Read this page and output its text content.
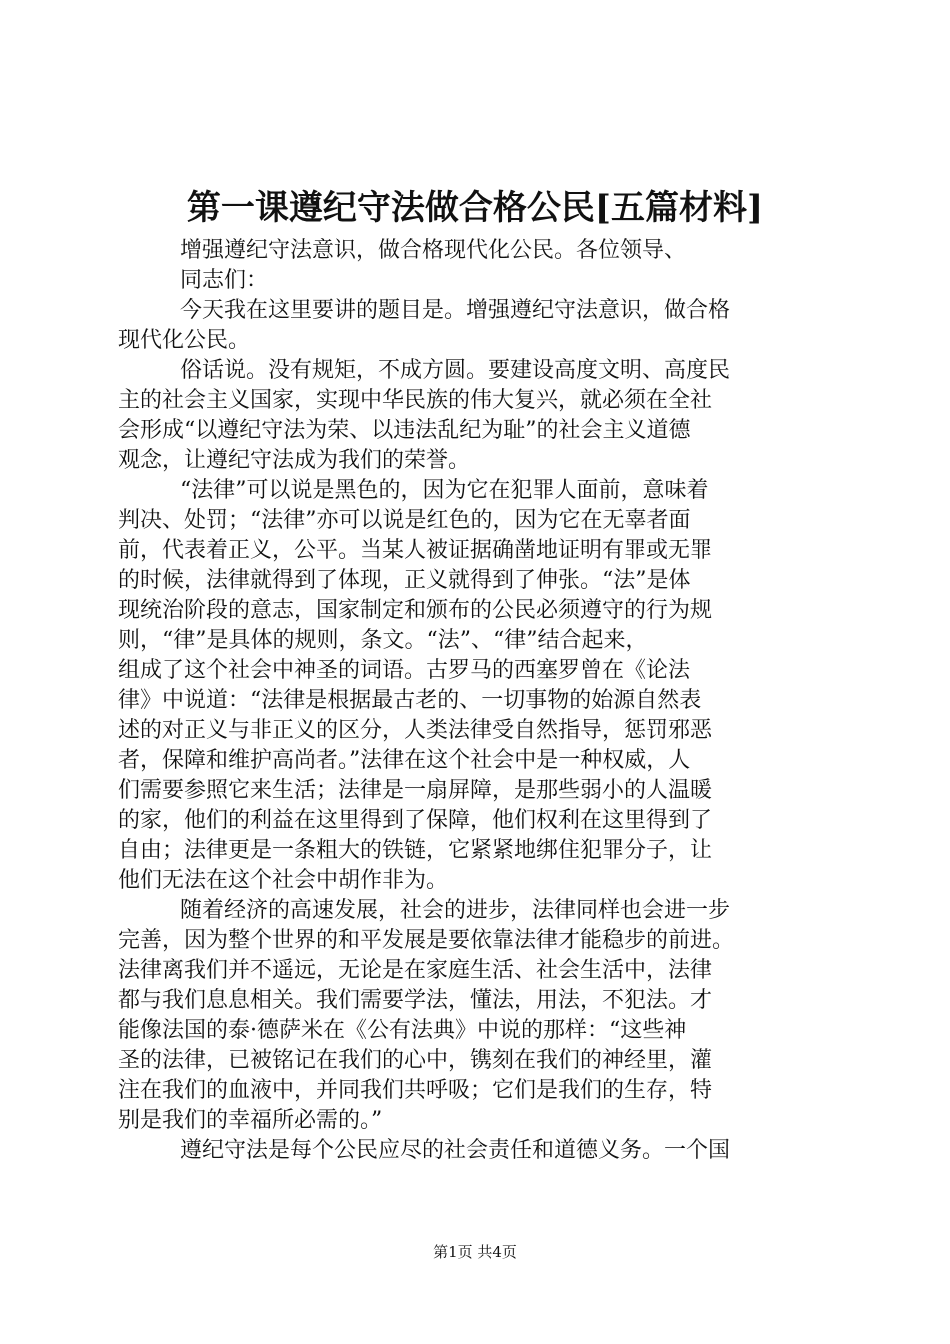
第一课遵纪守法做合格公民[五篇材料]
增强遵纪守法意识，做合格现代化公民。各位领导、
同志们：
今天我在这里要讲的题目是。增强遵纪守法意识，做合格
现代化公民。
俗话说。没有规矩，不成方圆。要建设高度文明、高度民
主的社会主义国家，实现中华民族的伟大复兴，就必须在全社
会形成“以遵纪守法为荣、以违法乱纪为耻”的社会主义道德
观念，让遵纪守法成为我们的荣誉。
“法律”可以说是黑色的，因为它在犯罪人面前，意味着
判决、处罚；“法律”亦可以说是红色的，因为它在无辜者面
前，代表着正义，公平。当某人被证据确凿地证明有罪或无罪
的时候，法律就得到了体现，正义就得到了伸张。“法”是体
现统治阶段的意志，国家制定和颁布的公民必须遵守的行为规
则，“律”是具体的规则，条文。“法”、“律”结合起来，
组成了这个社会中神圣的词语。古罗马的西塞罗曾在《论法
律》中说道：“法律是根据最古老的、一切事物的始源自然表
述的对正义与非正义的区分，人类法律受自然指导，惩罚邪恶
者，保障和维护高尚者。”法律在这个社会中是一种权威，人
们需要参照它来生活；法律是一扇屏障，是那些弱小的人温暖
的家，他们的利益在这里得到了保障，他们权利在这里得到了
自由；法律更是一条粗大的铁链，它紧紧地绑住犯罪分子，让
他们无法在这个社会中胡作非为。
随着经济的高速发展，社会的进步，法律同样也会进一步
完善，因为整个世界的和平发展是要依靠法律才能稳步的前进。
法律离我们并不遥远，无论是在家庭生活、社会生活中，法律
都与我们息息相关。我们需要学法，懂法，用法，不犯法。才
能像法国的泰·德萨米在《公有法典》中说的那样：“这些神
圣的法律，已被铭记在我们的心中，镌刻在我们的神经里，灌
注在我们的血液中，并同我们共呼吸；它们是我们的生存，特
别是我们的幸福所必需的。”
遵纪守法是每个公民应尽的社会责任和道德义务。一个国
第1页 共4页
